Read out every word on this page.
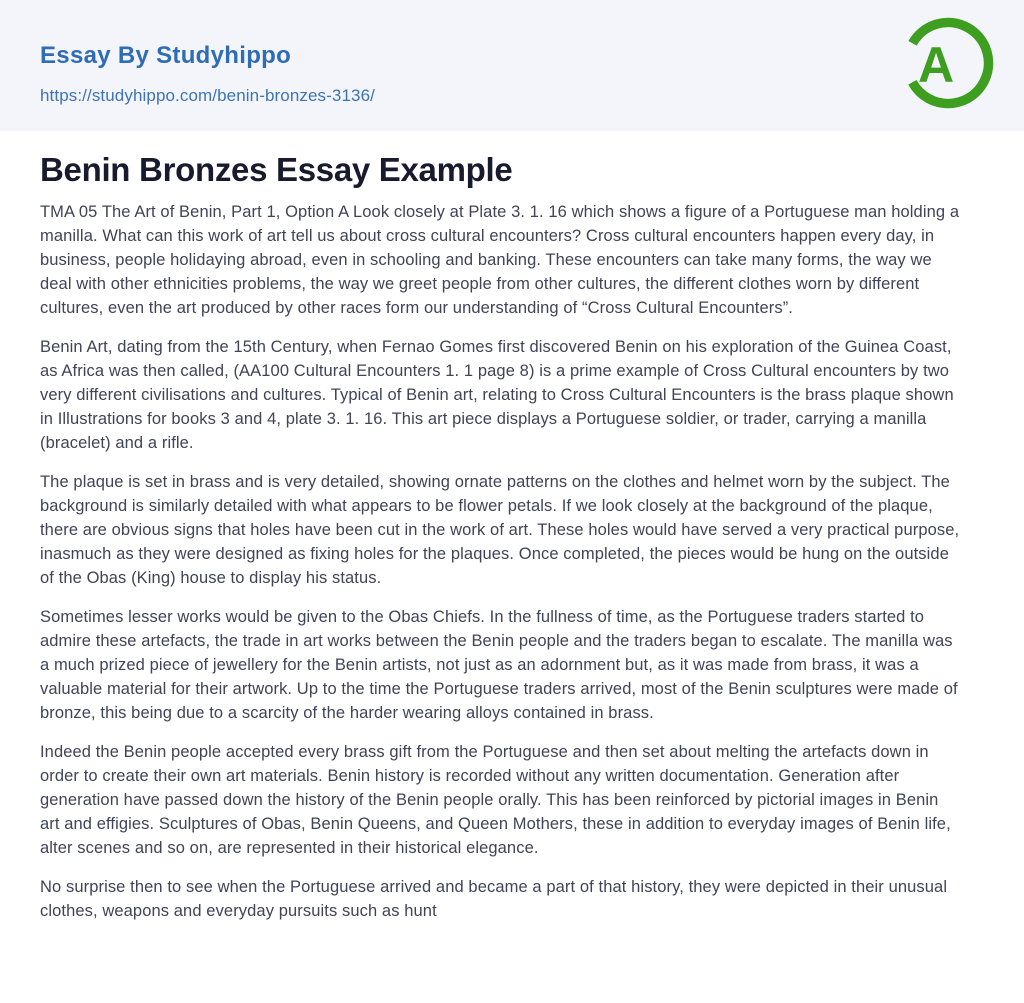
Essay By Studyhippo
https://studyhippo.com/benin-bronzes-3136/
A
Benin Bronzes Essay Example

TMA 05 The Art of Benin, Part 1, Option A Look closely at Plate 3. 1. 16 which shows a figure of a Portuguese man holding a manilla. What can this work of art tell us about cross cultural encounters? Cross cultural encounters happen every day, in business, people holidaying abroad, even in schooling and banking. These encounters can take many forms, the way we deal with other ethnicities problems, the way we greet people from other cultures, the different clothes worn by different cultures, even the art produced by other races form our understanding of “Cross Cultural Encounters”.

Benin Art, dating from the 15th Century, when Fernao Gomes first discovered Benin on his exploration of the Guinea Coast, as Africa was then called, (AA100 Cultural Encounters 1. 1 page 8) is a prime example of Cross Cultural encounters by two very different civilisations and cultures. Typical of Benin art, relating to Cross Cultural Encounters is the brass plaque shown in Illustrations for books 3 and 4, plate 3. 1. 16. This art piece displays a Portuguese soldier, or trader, carrying a manilla (bracelet) and a rifle.

The plaque is set in brass and is very detailed, showing ornate patterns on the clothes and helmet worn by the subject. The background is similarly detailed with what appears to be flower petals. If we look closely at the background of the plaque, there are obvious signs that holes have been cut in the work of art. These holes would have served a very practical purpose, inasmuch as they were designed as fixing holes for the plaques. Once completed, the pieces would be hung on the outside of the Obas (King) house to display his status.

Sometimes lesser works would be given to the Obas Chiefs. In the fullness of time, as the Portuguese traders started to admire these artefacts, the trade in art works between the Benin people and the traders began to escalate. The manilla was a much prized piece of jewellery for the Benin artists, not just as an adornment but, as it was made from brass, it was a valuable material for their artwork. Up to the time the Portuguese traders arrived, most of the Benin sculptures were made of bronze, this being due to a scarcity of the harder wearing alloys contained in brass.

Indeed the Benin people accepted every brass gift from the Portuguese and then set about melting the artefacts down in order to create their own art materials. Benin history is recorded without any written documentation. Generation after generation have passed down the history of the Benin people orally. This has been reinforced by pictorial images in Benin art and effigies. Sculptures of Obas, Benin Queens, and Queen Mothers, these in addition to everyday images of Benin life, alter scenes and so on, are represented in their historical elegance.

No surprise then to see when the Portuguese arrived and became a part of that history, they were depicted in their unusual clothes, weapons and everyday pursuits such as hunt
